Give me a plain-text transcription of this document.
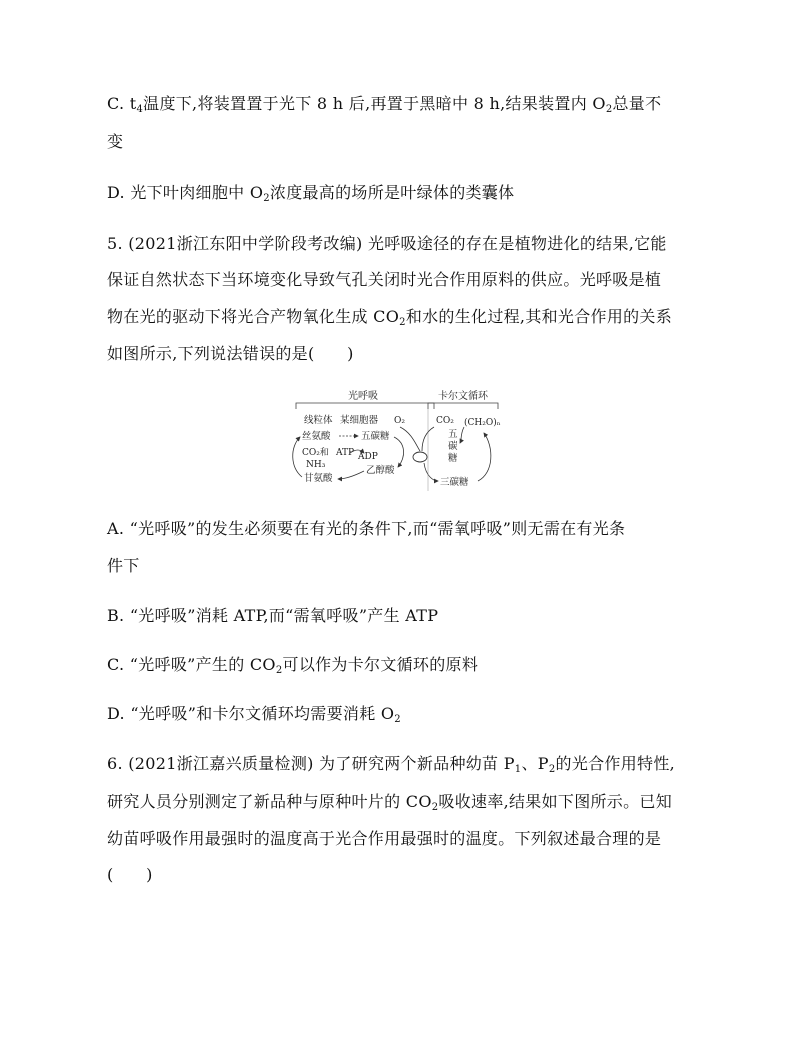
C. $t_4$温度下,将装置置于光下 8 h 后,再置于黑暗中 8 h,结果装置内 $O_2$总量不
变
D. 光下叶肉细胞中 $O_2$浓度最高的场所是叶绿体的类囊体
5. (2021浙江东阳中学阶段考改编) 光呼吸途径的存在是植物进化的结果,它能
保证自然状态下当环境变化导致气孔关闭时光合作用原料的供应。光呼吸是植
物在光的驱动下将光合产物氧化生成 $CO_2$和水的生化过程,其和光合作用的关系
如图所示,下列说法错误的是(　　)
光呼吸	卡尔文循环
线粒体 某细胞器 O₂
丝氨酸	五碳糖
CO₂和 ATP ADP
NH₃
甘氨酸
乙醇酸
CO₂ (CH₂O)ₙ
五
碳
糖
三碳糖
A. “光呼吸”的发生必须要在有光的条件下,而“需氧呼吸”则无需在有光条
件下
B. “光呼吸”消耗 ATP,而“需氧呼吸”产生 ATP
C. “光呼吸”产生的 $CO_2$可以作为卡尔文循环的原料
D. “光呼吸”和卡尔文循环均需要消耗 $O_2$
6. (2021浙江嘉兴质量检测) 为了研究两个新品种幼苗 $P_1$、$P_2$的光合作用特性,
研究人员分别测定了新品种与原种叶片的 $CO_2$吸收速率,结果如下图所示。已知
幼苗呼吸作用最强时的温度高于光合作用最强时的温度。下列叙述最合理的是
(　　)
